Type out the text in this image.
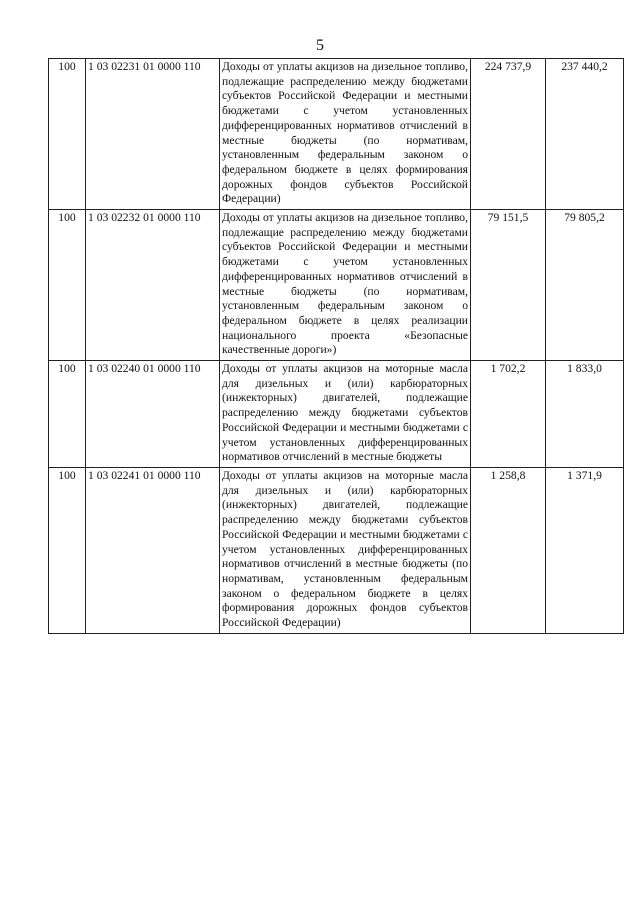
5
100	1 03 02231 01 0000 110	Доходы от уплаты акцизов на дизельное топливо, подлежащие распределению между бюджетами субъектов Российской Федерации и местными бюджетами с учетом установленных дифференцированных нормативов отчислений в местные бюджеты (по нормативам, установленным федеральным законом о федеральном бюджете в целях формирования дорожных фондов субъектов Российской Федерации)	224 737,9	237 440,2
100	1 03 02232 01 0000 110	Доходы от уплаты акцизов на дизельное топливо, подлежащие распределению между бюджетами субъектов Российской Федерации и местными бюджетами с учетом установленных дифференцированных нормативов отчислений в местные бюджеты (по нормативам, установленным федеральным законом о федеральном бюджете в целях реализации национального проекта «Безопасные качественные дороги»)	79 151,5	79 805,2
100	1 03 02240 01 0000 110	Доходы от уплаты акцизов на моторные масла для дизельных и (или) карбюраторных (инжекторных) двигателей, подлежащие распределению между бюджетами субъектов Российской Федерации и местными бюджетами с учетом установленных дифференцированных нормативов отчислений в местные бюджеты	1 702,2	1 833,0
100	1 03 02241 01 0000 110	Доходы от уплаты акцизов на моторные масла для дизельных и (или) карбюраторных (инжекторных) двигателей, подлежащие распределению между бюджетами субъектов Российской Федерации и местными бюджетами с учетом установленных дифференцированных нормативов отчислений в местные бюджеты (по нормативам, установленным федеральным законом о федеральном бюджете в целях формирования дорожных фондов субъектов Российской Федерации)	1 258,8	1 371,9
